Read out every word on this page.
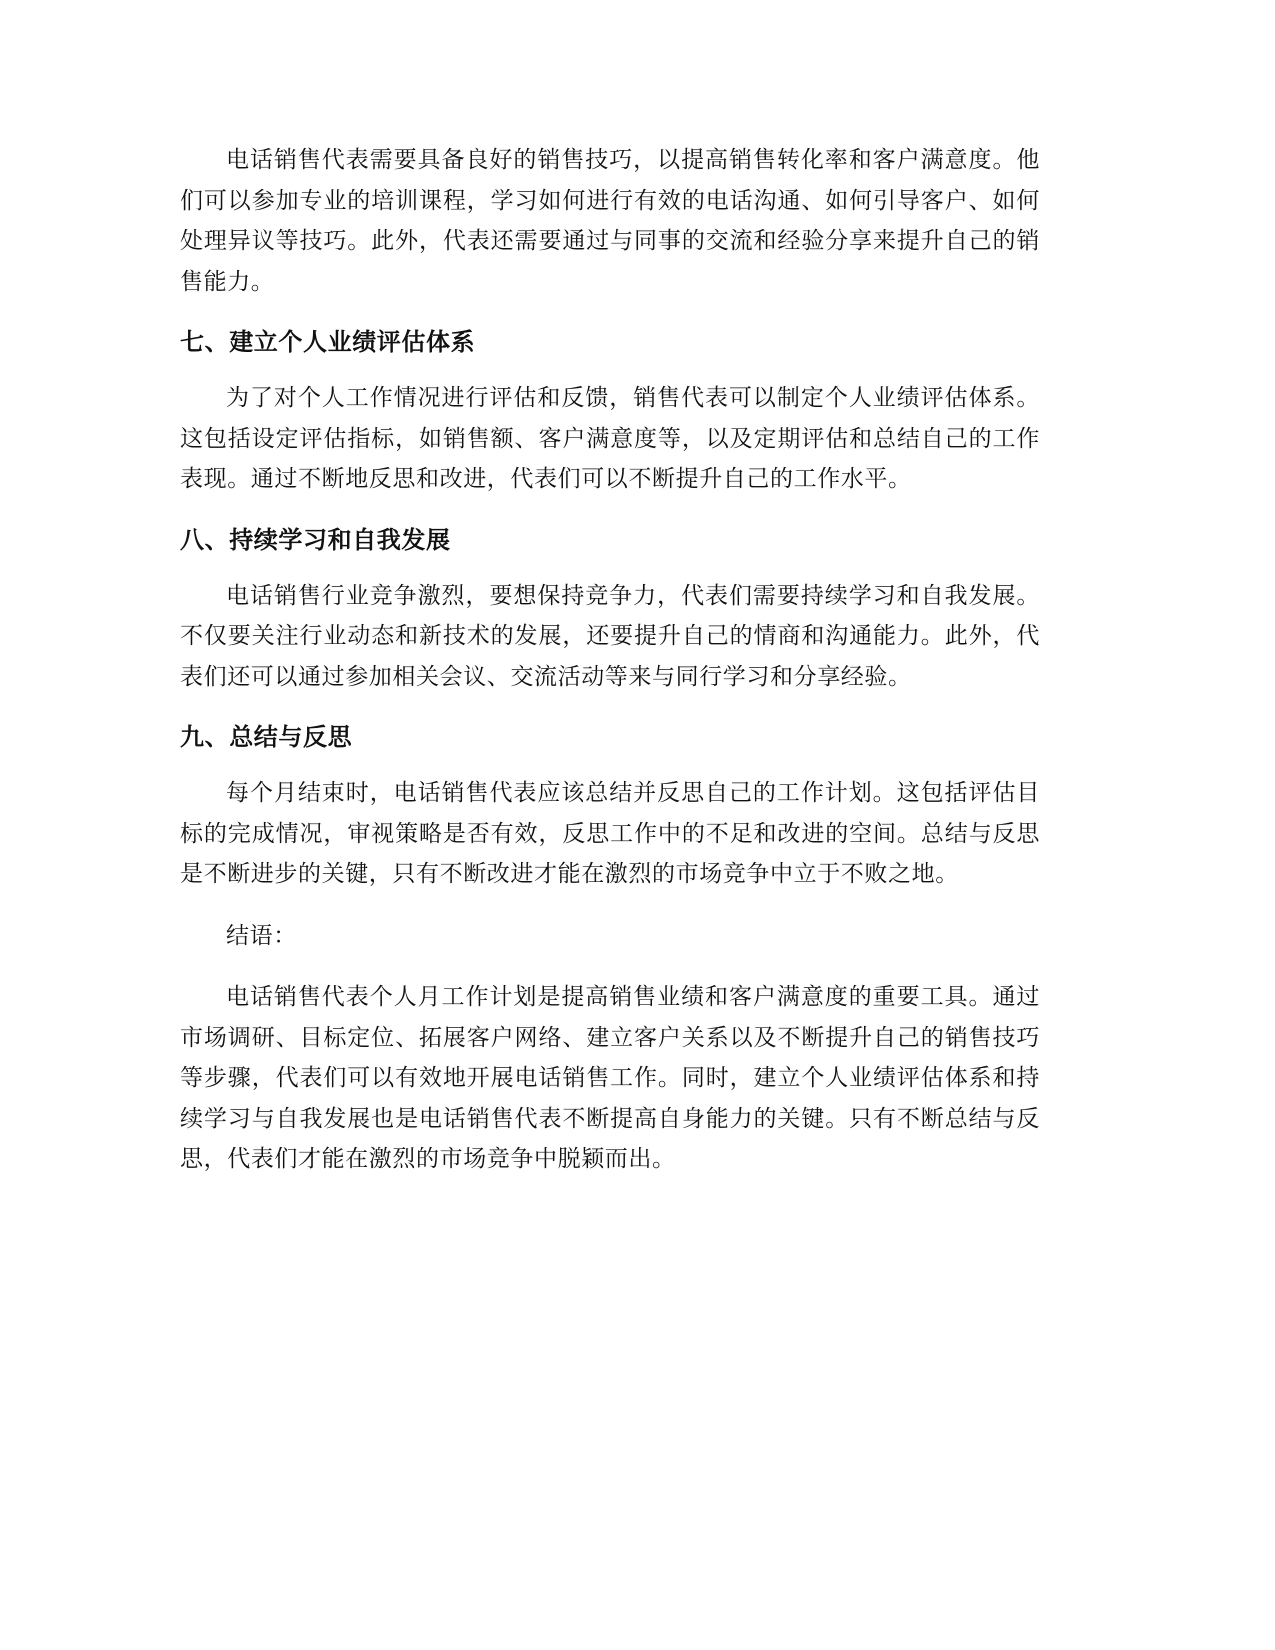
电话销售代表需要具备良好的销售技巧，以提高销售转化率和客户满意度。他们可以参加专业的培训课程，学习如何进行有效的电话沟通、如何引导客户、如何处理异议等技巧。此外，代表还需要通过与同事的交流和经验分享来提升自己的销售能力。

七、建立个人业绩评估体系

为了对个人工作情况进行评估和反馈，销售代表可以制定个人业绩评估体系。这包括设定评估指标，如销售额、客户满意度等，以及定期评估和总结自己的工作表现。通过不断地反思和改进，代表们可以不断提升自己的工作水平。

八、持续学习和自我发展

电话销售行业竞争激烈，要想保持竞争力，代表们需要持续学习和自我发展。不仅要关注行业动态和新技术的发展，还要提升自己的情商和沟通能力。此外，代表们还可以通过参加相关会议、交流活动等来与同行学习和分享经验。

九、总结与反思

每个月结束时，电话销售代表应该总结并反思自己的工作计划。这包括评估目标的完成情况，审视策略是否有效，反思工作中的不足和改进的空间。总结与反思是不断进步的关键，只有不断改进才能在激烈的市场竞争中立于不败之地。

结语：

电话销售代表个人月工作计划是提高销售业绩和客户满意度的重要工具。通过市场调研、目标定位、拓展客户网络、建立客户关系以及不断提升自己的销售技巧等步骤，代表们可以有效地开展电话销售工作。同时，建立个人业绩评估体系和持续学习与自我发展也是电话销售代表不断提高自身能力的关键。只有不断总结与反思，代表们才能在激烈的市场竞争中脱颖而出。
